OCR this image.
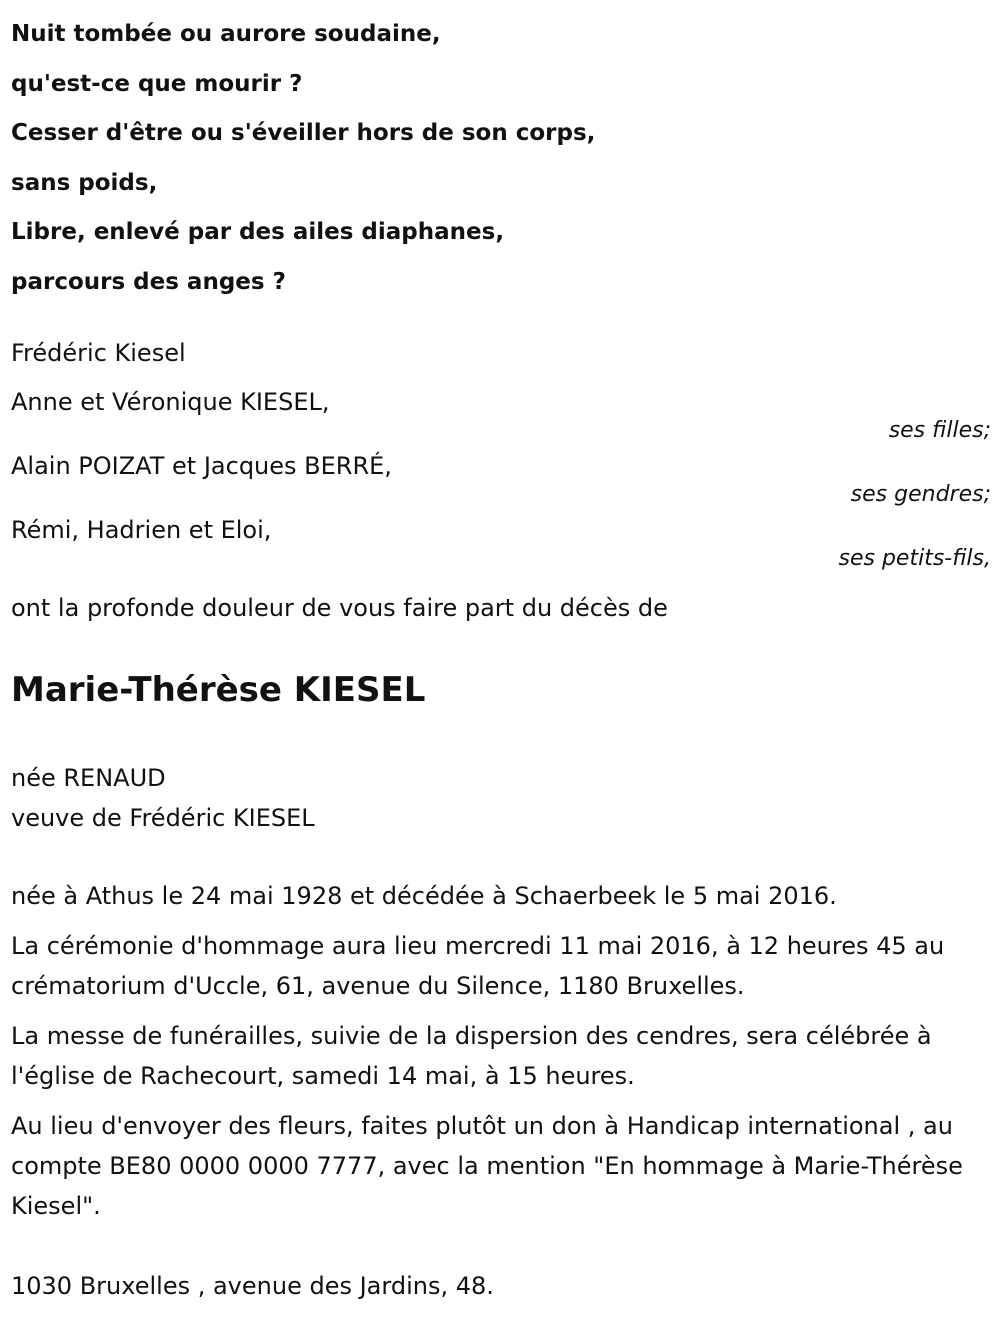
Nuit tombée ou aurore soudaine,
qu'est-ce que mourir ?
Cesser d'être ou s'éveiller hors de son corps,
sans poids,
Libre, enlevé par des ailes diaphanes,
parcours des anges ?
Frédéric Kiesel
Anne et Véronique KIESEL,
ses filles;
Alain POIZAT et Jacques BERRÉ,
ses gendres;
Rémi, Hadrien et Eloi,
ses petits-fils,
ont la profonde douleur de vous faire part du décès de
Marie-Thérèse KIESEL
née RENAUD
veuve de Frédéric KIESEL

née à Athus le 24 mai 1928 et décédée à Schaerbeek le 5 mai 2016.

La cérémonie d'hommage aura lieu mercredi 11 mai 2016, à 12 heures 45 au crématorium d'Uccle, 61, avenue du Silence, 1180 Bruxelles.

La messe de funérailles, suivie de la dispersion des cendres, sera célébrée à l'église de Rachecourt, samedi 14 mai, à 15 heures.

Au lieu d'envoyer des fleurs, faites plutôt un don à Handicap international , au compte BE80 0000 0000 7777, avec la mention "En hommage à Marie-Thérèse Kiesel".

1030 Bruxelles , avenue des Jardins, 48.
